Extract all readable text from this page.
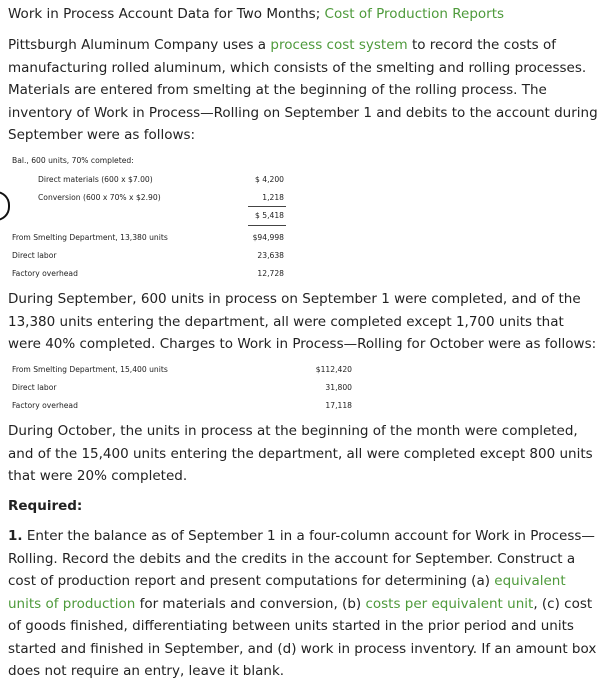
Work in Process Account Data for Two Months; Cost of Production Reports
Pittsburgh Aluminum Company uses a process cost system to record the costs of manufacturing rolled aluminum, which consists of the smelting and rolling processes. Materials are entered from smelting at the beginning of the rolling process. The inventory of Work in Process—Rolling on September 1 and debits to the account during September were as follows:
Bal., 600 units, 70% completed:
Direct materials (600 x $7.00)	$ 4,200
Conversion (600 x 70% x $2.90)	1,218
$ 5,418
From Smelting Department, 13,380 units	$94,998
Direct labor	23,638
Factory overhead	12,728
During September, 600 units in process on September 1 were completed, and of the 13,380 units entering the department, all were completed except 1,700 units that were 40% completed. Charges to Work in Process—Rolling for October were as follows:
From Smelting Department, 15,400 units	$112,420
Direct labor	31,800
Factory overhead	17,118
During October, the units in process at the beginning of the month were completed, and of the 15,400 units entering the department, all were completed except 800 units that were 20% completed.
Required:
1. Enter the balance as of September 1 in a four-column account for Work in Process—Rolling. Record the debits and the credits in the account for September. Construct a cost of production report and present computations for determining (a) equivalent units of production for materials and conversion, (b) costs per equivalent unit, (c) cost of goods finished, differentiating between units started in the prior period and units started and finished in September, and (d) work in process inventory. If an amount box does not require an entry, leave it blank.
